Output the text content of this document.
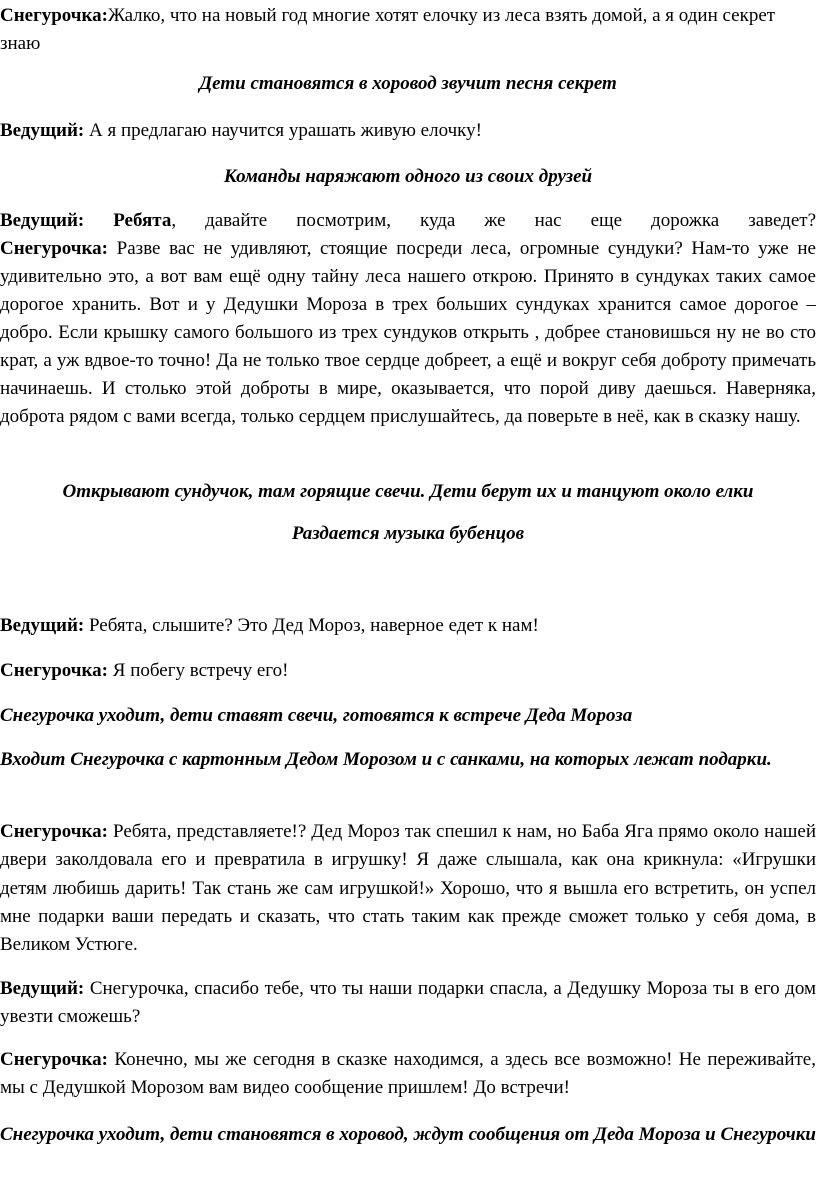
Снегурочка:Жалко, что на новый год многие хотят елочку из леса взять домой, а я один секрет знаю

Дети становятся в хоровод звучит песня секрет

Ведущий: А я предлагаю научится урашать живую елочку!

Команды наряжают одного из своих друзей

Ведущий: Ребята, давайте посмотрим, куда же нас еще дорожка заведет?

Снегурочка: Разве вас не удивляют, стоящие посреди леса, огромные сундуки? Нам-то уже не удивительно это, а вот вам ещё одну тайну леса нашего открою. Принято в сундуках таких самое дорогое хранить. Вот и у Дедушки Мороза в трех больших сундуках хранится самое дорогое – добро. Если крышку самого большого из трех сундуков открыть , добрее становишься ну не во сто крат, а уж вдвое-то точно! Да не только твое сердце добреет, а ещё и вокруг себя доброту примечать начинаешь. И столько этой доброты в мире, оказывается, что порой диву даешься. Наверняка, доброта рядом с вами всегда, только сердцем прислушайтесь, да поверьте в неё, как в сказку нашу.

Открывают сундучок, там горящие свечи. Дети берут их и танцуют около елки

Раздается музыка бубенцов

Ведущий: Ребята, слышите? Это Дед Мороз, наверное едет к нам!

Снегурочка: Я побегу встречу его!

Снегурочка уходит, дети ставят свечи, готовятся к встрече Деда Мороза

Входит Снегурочка с картонным Дедом Морозом и с санками, на которых лежат подарки.

Снегурочка: Ребята, представляете!? Дед Мороз так спешил к нам, но Баба Яга прямо около нашей двери заколдовала его и превратила в игрушку! Я даже слышала, как она крикнула: «Игрушки детям любишь дарить! Так стань же сам игрушкой!» Хорошо, что я вышла его встретить, он успел мне подарки ваши передать и сказать, что стать таким как прежде сможет только у себя дома, в Великом Устюге.

Ведущий: Снегурочка, спасибо тебе, что ты наши подарки спасла, а Дедушку Мороза ты в его дом увезти сможешь?

Снегурочка: Конечно, мы же сегодня в сказке находимся, а здесь все возможно! Не переживайте, мы с Дедушкой Морозом вам видео сообщение пришлем! До встречи!

Снегурочка уходит, дети становятся в хоровод, ждут сообщения от Деда Мороза и Снегурочки
